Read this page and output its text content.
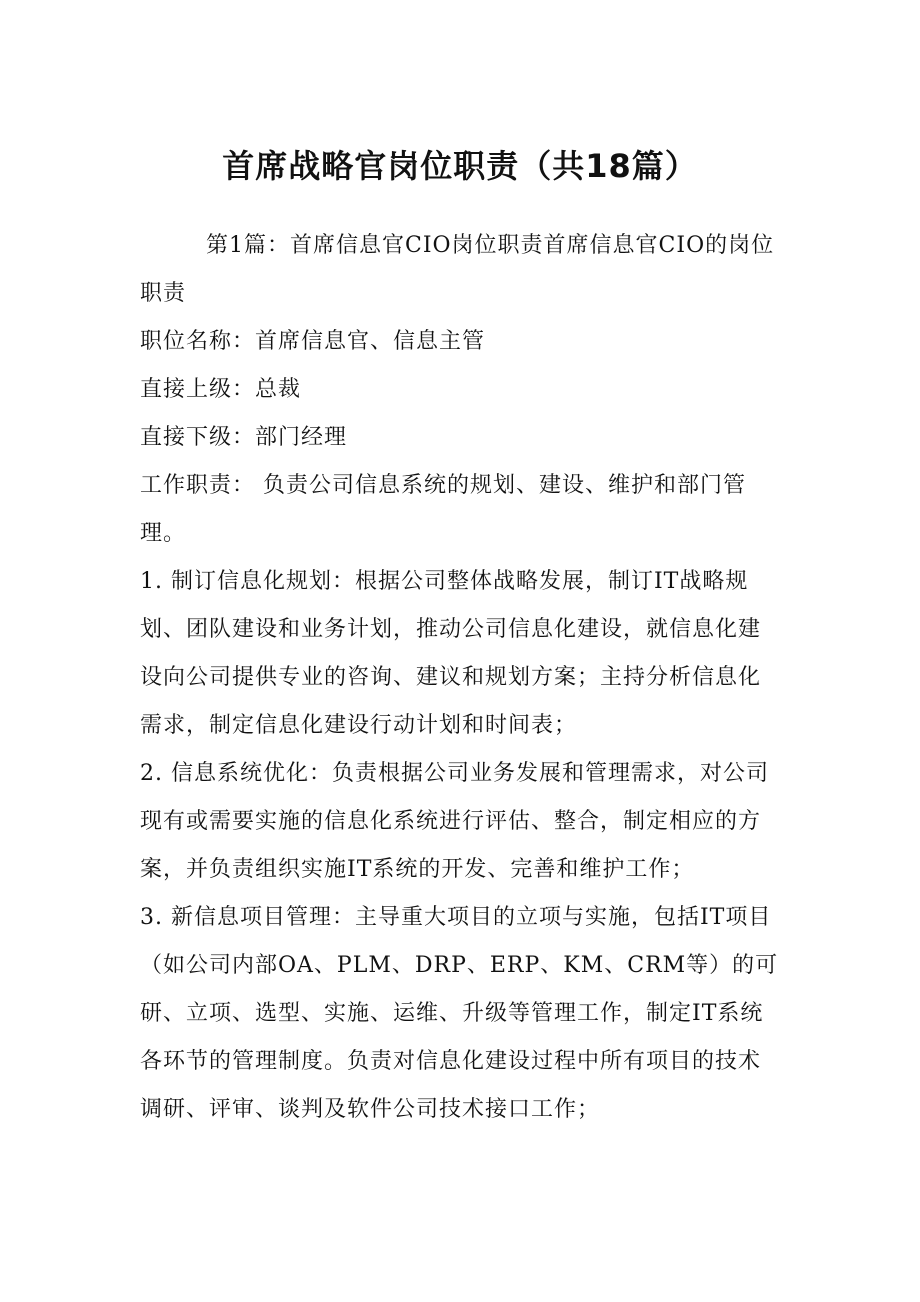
首席战略官岗位职责（共18篇）

第1篇：首席信息官CIO岗位职责首席信息官CIO的岗位职责

职位名称：首席信息官、信息主管

直接上级：总裁

直接下级：部门经理

工作职责： 负责公司信息系统的规划、建设、维护和部门管理。

1. 制订信息化规划：根据公司整体战略发展，制订IT战略规划、团队建设和业务计划，推动公司信息化建设，就信息化建设向公司提供专业的咨询、建议和规划方案；主持分析信息化需求，制定信息化建设行动计划和时间表；

2. 信息系统优化：负责根据公司业务发展和管理需求，对公司现有或需要实施的信息化系统进行评估、整合，制定相应的方案，并负责组织实施IT系统的开发、完善和维护工作；

3. 新信息项目管理：主导重大项目的立项与实施，包括IT项目（如公司内部OA、PLM、DRP、ERP、KM、CRM等）的可研、立项、选型、实施、运维、升级等管理工作，制定IT系统各环节的管理制度。负责对信息化建设过程中所有项目的技术调研、评审、谈判及软件公司技术接口工作；
